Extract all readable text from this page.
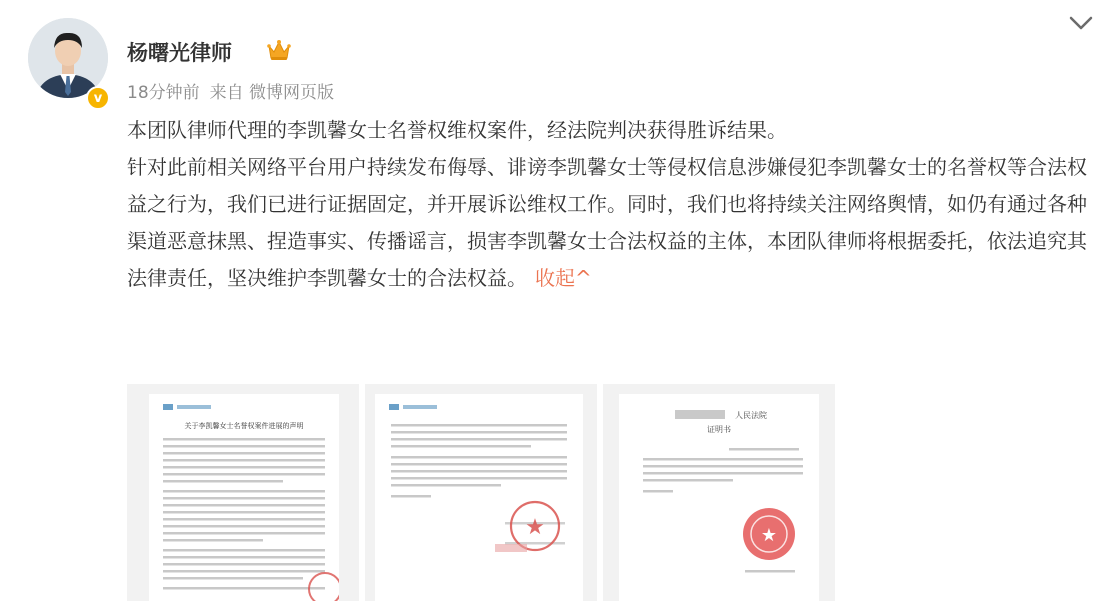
v
杨曙光律师
18分钟前 来自 微博网页版

本团队律师代理的李凯馨女士名誉权维权案件，经法院判决获得胜诉结果。

针对此前相关网络平台用户持续发布侮辱、诽谤李凯馨女士等侵权信息涉嫌侵犯李凯馨女士的名誉权等合法权益之行为，我们已进行证据固定，并开展诉讼维权工作。同时，我们也将持续关注网络舆情，如仍有通过各种渠道恶意抹黑、捏造事实、传播谣言，损害李凯馨女士合法权益的主体，本团队律师将根据委托，依法追究其法律责任，坚决维护李凯馨女士的合法权益。 收起^

关于李凯馨女士名誉权案件进展的声明
★
人民法院
证明书
★
